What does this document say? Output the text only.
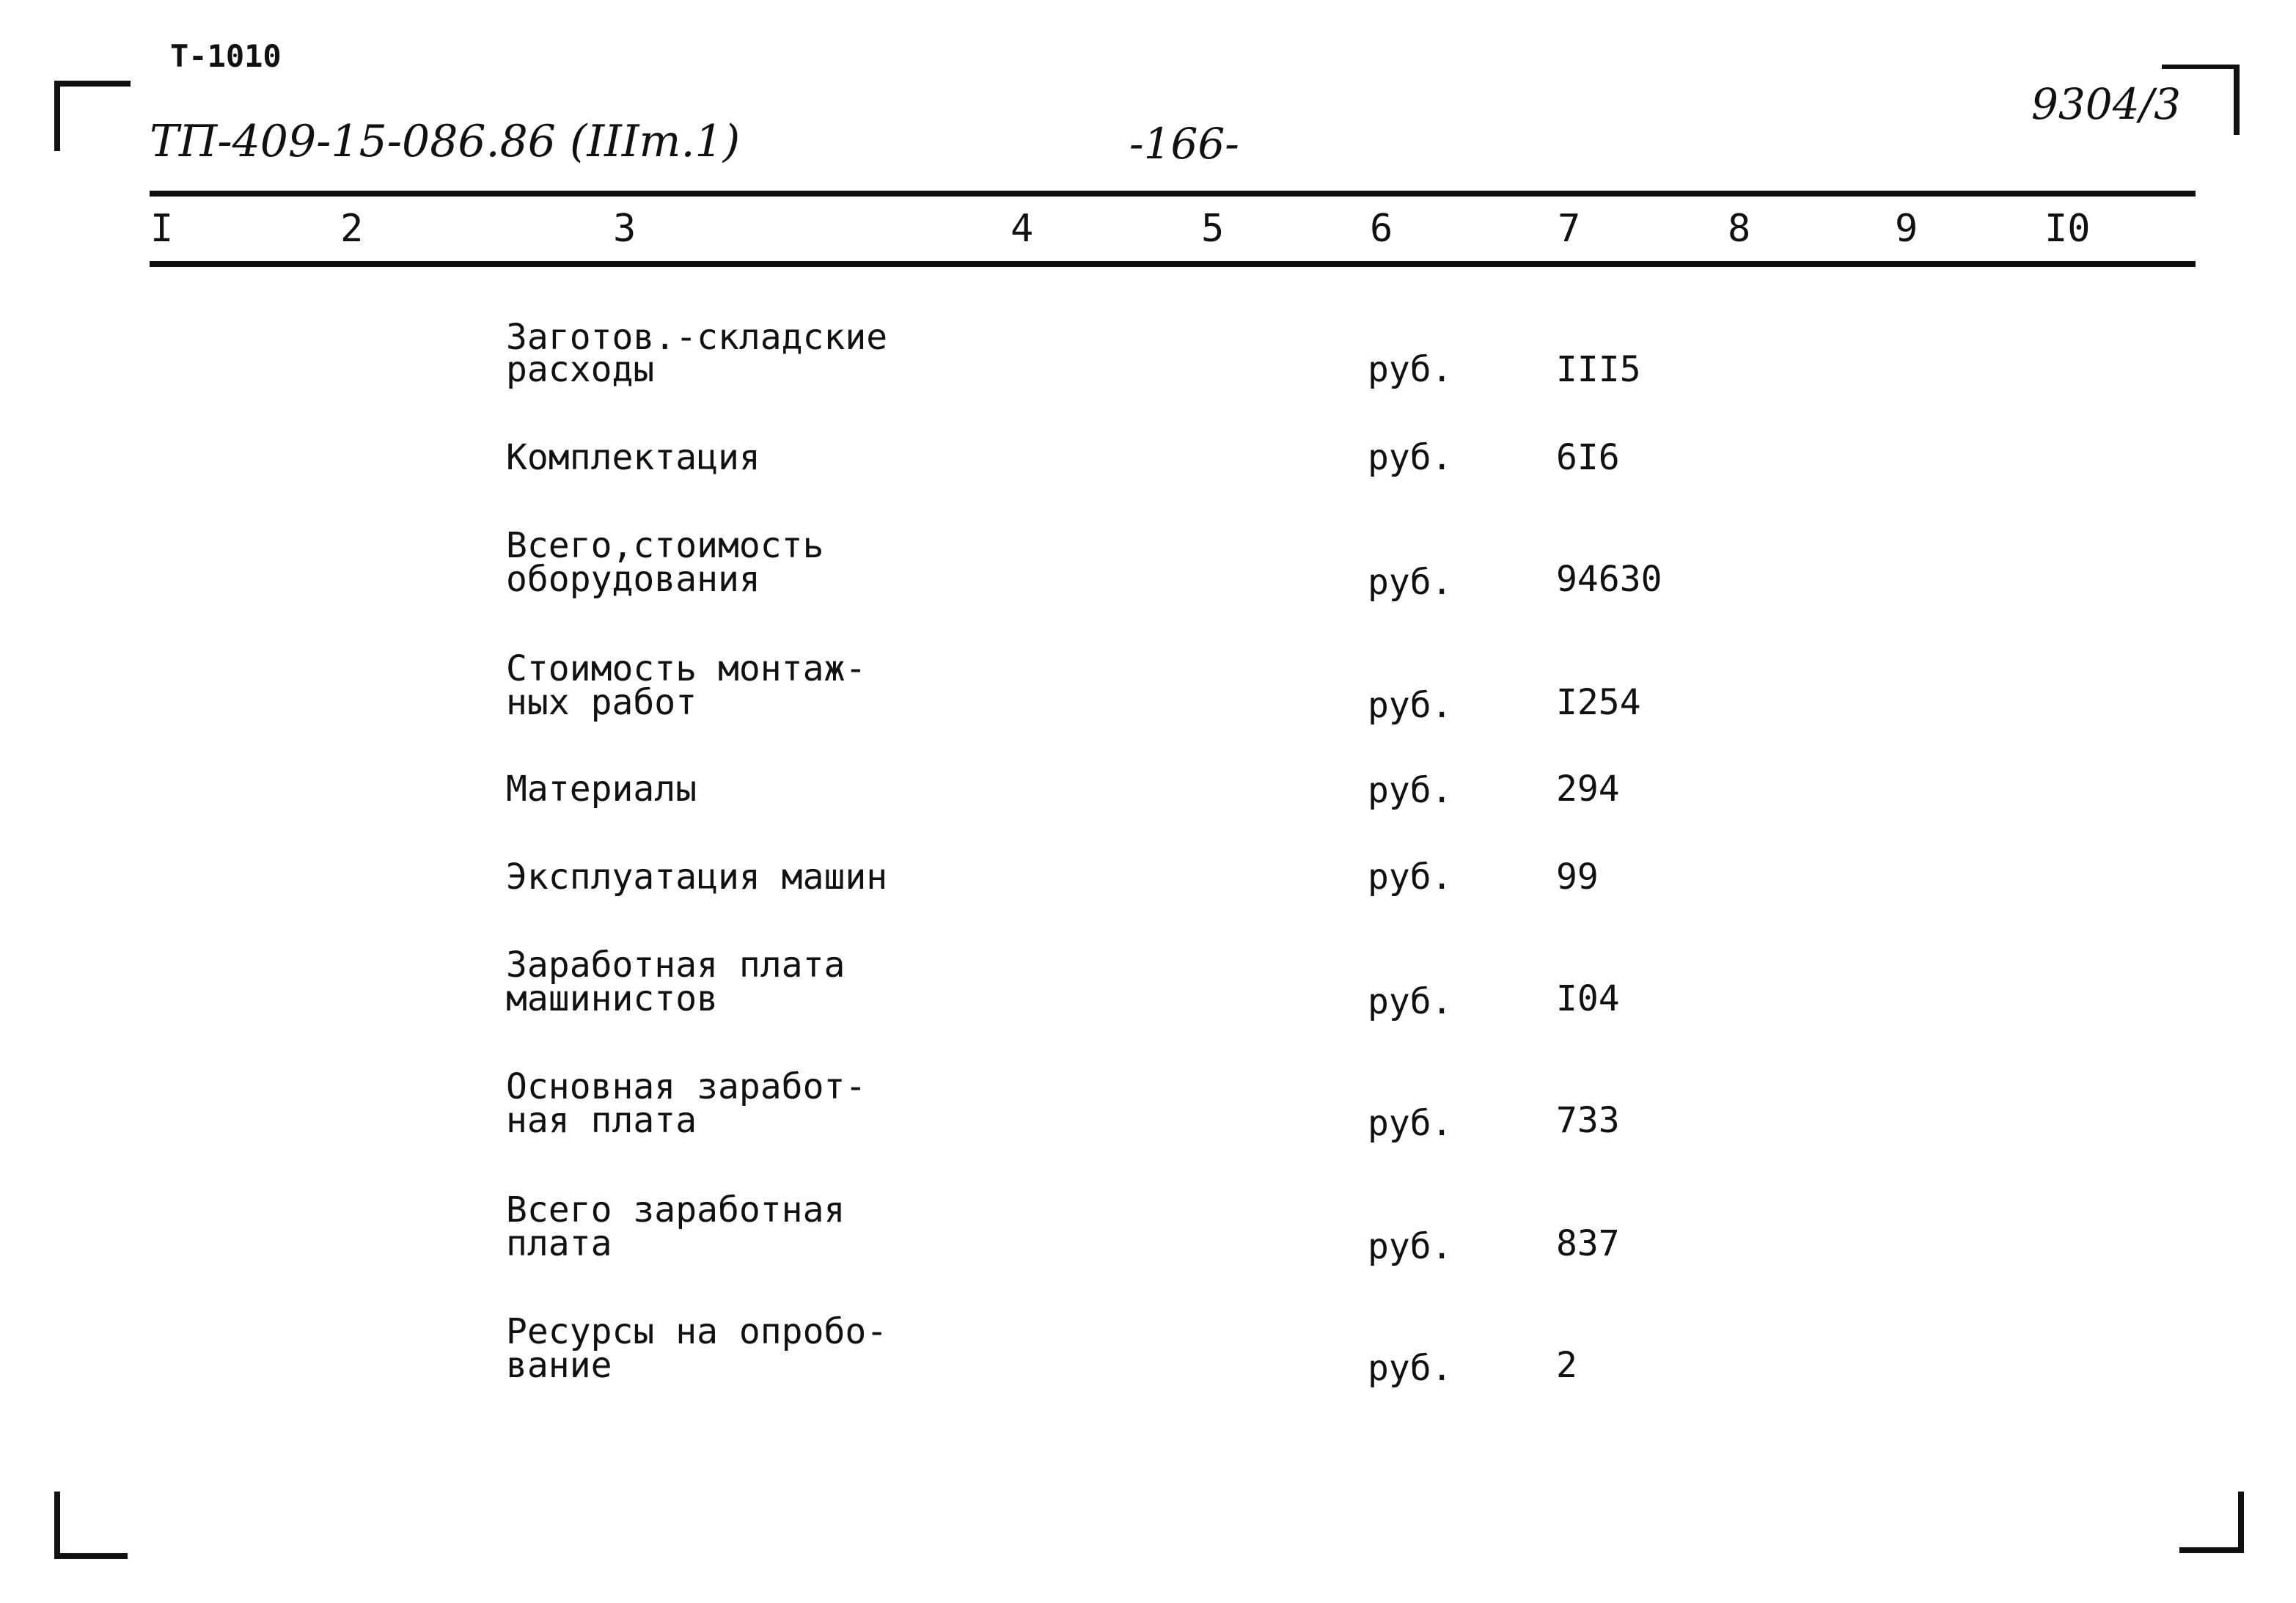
Т-1010
ТП-409-15-086.86 (IIIт.1)	-166-
9304/3
I	2	3	4	5	6	7	8	9	I0
Заготов.-складские
расходы	руб.	III5
Комплектация	руб.	6I6
Всего,стоимость
оборудования	руб.	94630
Стоимость монтаж-
ных работ	руб.	I254
Материалы	руб.	294
Эксплуатация машин	руб.	99
Заработная плата
машинистов	руб.	I04
Основная заработ-
ная плата	руб.	733
Всего заработная
плата	руб.	837
Ресурсы на опробо-
вание	руб.	2
